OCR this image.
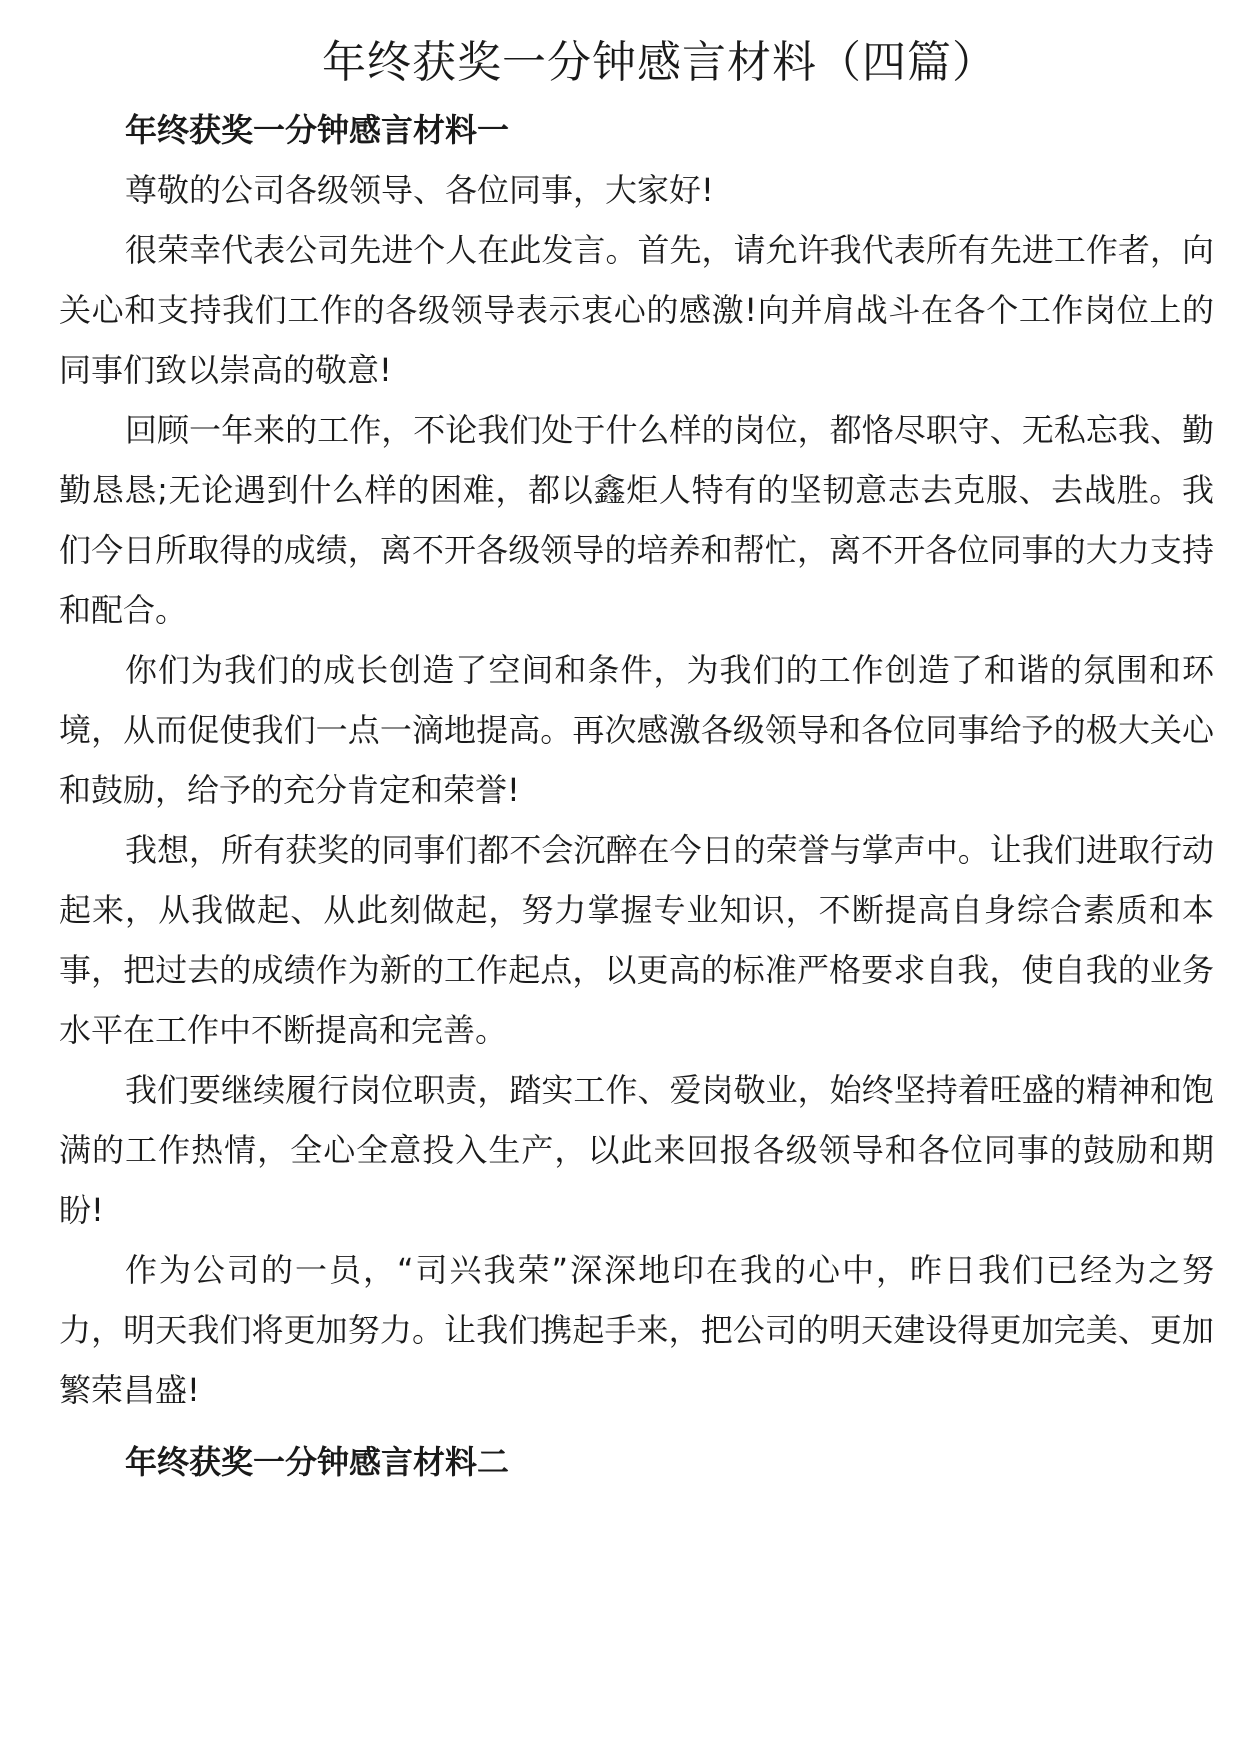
年终获奖一分钟感言材料（四篇）

年终获奖一分钟感言材料一

尊敬的公司各级领导、各位同事，大家好!

很荣幸代表公司先进个人在此发言。首先，请允许我代表所有先进工作者，向关心和支持我们工作的各级领导表示衷心的感激!向并肩战斗在各个工作岗位上的同事们致以崇高的敬意!

回顾一年来的工作，不论我们处于什么样的岗位，都恪尽职守、无私忘我、勤勤恳恳;无论遇到什么样的困难，都以鑫炬人特有的坚韧意志去克服、去战胜。我们今日所取得的成绩，离不开各级领导的培养和帮忙，离不开各位同事的大力支持和配合。

你们为我们的成长创造了空间和条件，为我们的工作创造了和谐的氛围和环境，从而促使我们一点一滴地提高。再次感激各级领导和各位同事给予的极大关心和鼓励，给予的充分肯定和荣誉!

我想，所有获奖的同事们都不会沉醉在今日的荣誉与掌声中。让我们进取行动起来，从我做起、从此刻做起，努力掌握专业知识，不断提高自身综合素质和本事，把过去的成绩作为新的工作起点，以更高的标准严格要求自我，使自我的业务水平在工作中不断提高和完善。

我们要继续履行岗位职责，踏实工作、爱岗敬业，始终坚持着旺盛的精神和饱满的工作热情，全心全意投入生产，以此来回报各级领导和各位同事的鼓励和期盼!

作为公司的一员，“司兴我荣”深深地印在我的心中，昨日我们已经为之努力，明天我们将更加努力。让我们携起手来，把公司的明天建设得更加完美、更加繁荣昌盛!

年终获奖一分钟感言材料二
